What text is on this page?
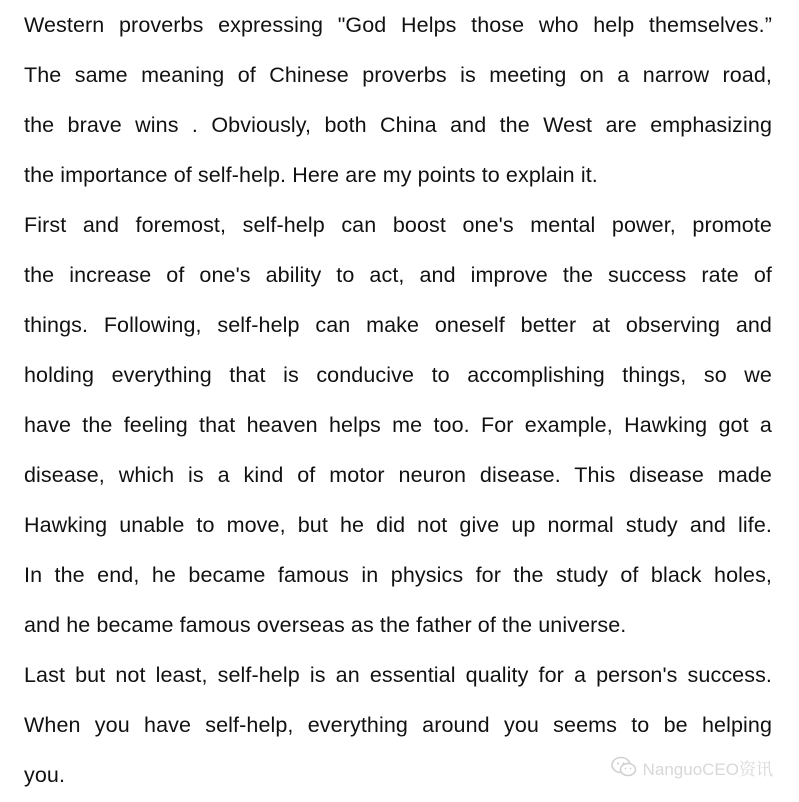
Western proverbs expressing "God Helps those who help themselves.”
The same meaning of Chinese proverbs is meeting on a narrow road,
the brave wins . Obviously, both China and the West are emphasizing
the importance of self-help. Here are my points to explain it.
First and foremost, self-help can boost one's mental power, promote
the increase of one's ability to act, and improve the success rate of
things. Following, self-help can make oneself better at observing and
holding everything that is conducive to accomplishing things, so we
have the feeling that heaven helps me too. For example, Hawking got a
disease, which is a kind of motor neuron disease. This disease made
Hawking unable to move, but he did not give up normal study and life.
In the end, he became famous in physics for the study of black holes,
and he became famous overseas as the father of the universe.
Last but not least, self-help is an essential quality for a person's success.
When you have self-help, everything around you seems to be helping
you.	NanguoCEO资讯
